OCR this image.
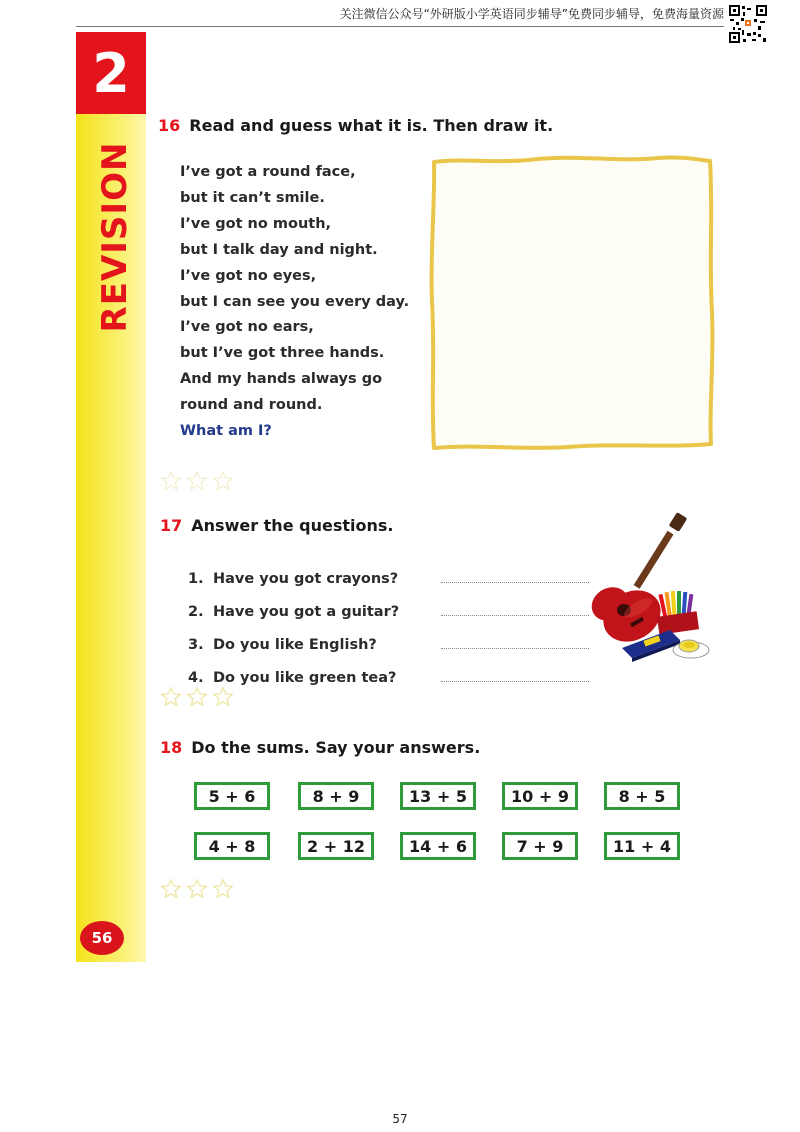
关注微信公众号“外研版小学英语同步辅导”免费同步辅导，免费海量资源
2
REVISION
56
16 Read and guess what it is. Then draw it.
I’ve got a round face,
but it can’t smile.
I’ve got no mouth,
but I talk day and night.
I’ve got no eyes,
but I can see you every day.
I’ve got no ears,
but I’ve got three hands.
And my hands always go
round and round.
What am I?
17 Answer the questions.
1. Have you got crayons?
2. Have you got a guitar?
3. Do you like English?
4. Do you like green tea?
18 Do the sums. Say your answers.
5 + 6	8 + 9	13 + 5	10 + 9	8 + 5
4 + 8	2 + 12	14 + 6	7 + 9	11 + 4
57
